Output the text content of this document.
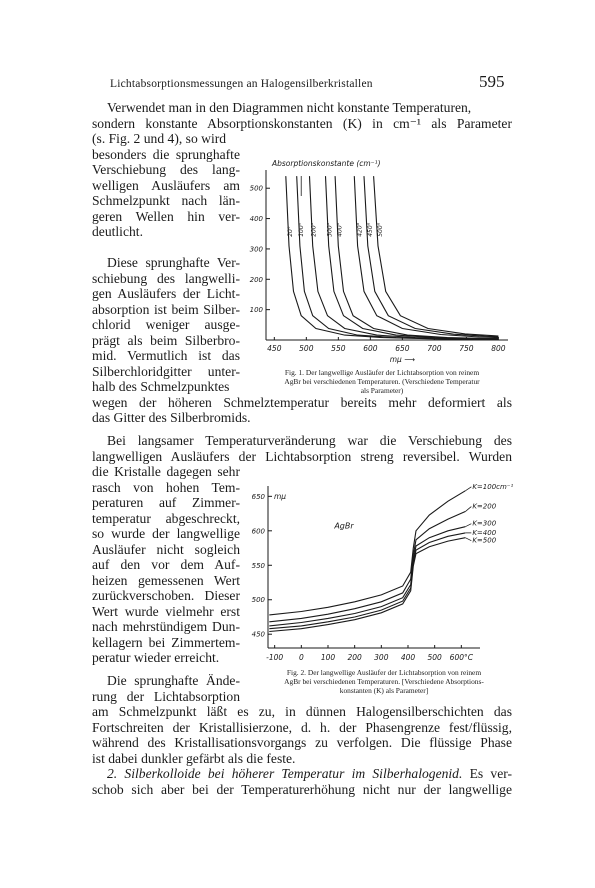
Lichtabsorptionsmessungen an Halogensilberkristallen	595
Verwendet man in den Diagrammen nicht konstante Temperaturen,
sondern konstante Absorptionskonstanten (K) in cm⁻¹ als Parameter
(s. Fig. 2 und 4), so wird
besonders die sprunghafte
Verschiebung des lang-
welligen Ausläufers am
Schmelzpunkt nach län-
geren Wellen hin ver-
deutlicht.
Diese sprunghafte Ver-
schiebung des langwelli-
gen Ausläufers der Licht-
absorption ist beim Silber-
chlorid weniger ausge-
prägt als beim Silberbro-
mid. Vermutlich ist das
Silberchloridgitter unter-
halb des Schmelzpunktes
wegen der höheren Schmelztemperatur bereits mehr deformiert als
das Gitter des Silberbromids.
Bei langsamer Temperaturveränderung war die Verschiebung des
langwelligen Ausläufers der Lichtabsorption streng reversibel. Wurden
die Kristalle dagegen sehr
rasch von hohen Tem-
peraturen auf Zimmer-
temperatur abgeschreckt,
so wurde der langwellige
Ausläufer nicht sogleich
auf den vor dem Auf-
heizen gemessenen Wert
zurückverschoben. Dieser
Wert wurde vielmehr erst
nach mehrstündigem Dun-
kellagern bei Zimmertem-
peratur wieder erreicht.
Die sprunghafte Ände-
rung der Lichtabsorption
am Schmelzpunkt läßt es zu, in dünnen Halogensilberschichten das
Fortschreiten der Kristallisierzone, d. h. der Phasengrenze fest/flüssig,
während des Kristallisationsvorgangs zu verfolgen. Die flüssige Phase
ist dabei dunkler gefärbt als die feste.
2. Silberkolloide bei höherer Temperatur im Silberhalogenid. Es ver-
schob sich aber bei der Temperaturerhöhung nicht nur der langwellige
Absorptionskonstante (cm⁻¹)
100
200
300
400
500
450 500 550 600 650 700 750 800
mμ ⟶
20° 100° 200° 300° 400° 420° 450° 500°
Fig. 1. Der langwellige Ausläufer der Lichtabsorption von reinem
AgBr bei verschiedenen Temperaturen. (Verschiedene Temperatur
als Parameter)
450
500
550
600
650 mμ
-100 0 100 200 300 400 500 600°C
AgBr
K=100cm⁻¹
K=200
K=300
K=400
K=500
Fig. 2. Der langwellige Ausläufer der Lichtabsorption von reinem
AgBr bei verschiedenen Temperaturen. [Verschiedene Absorptions-
konstanten (K) als Parameter]
